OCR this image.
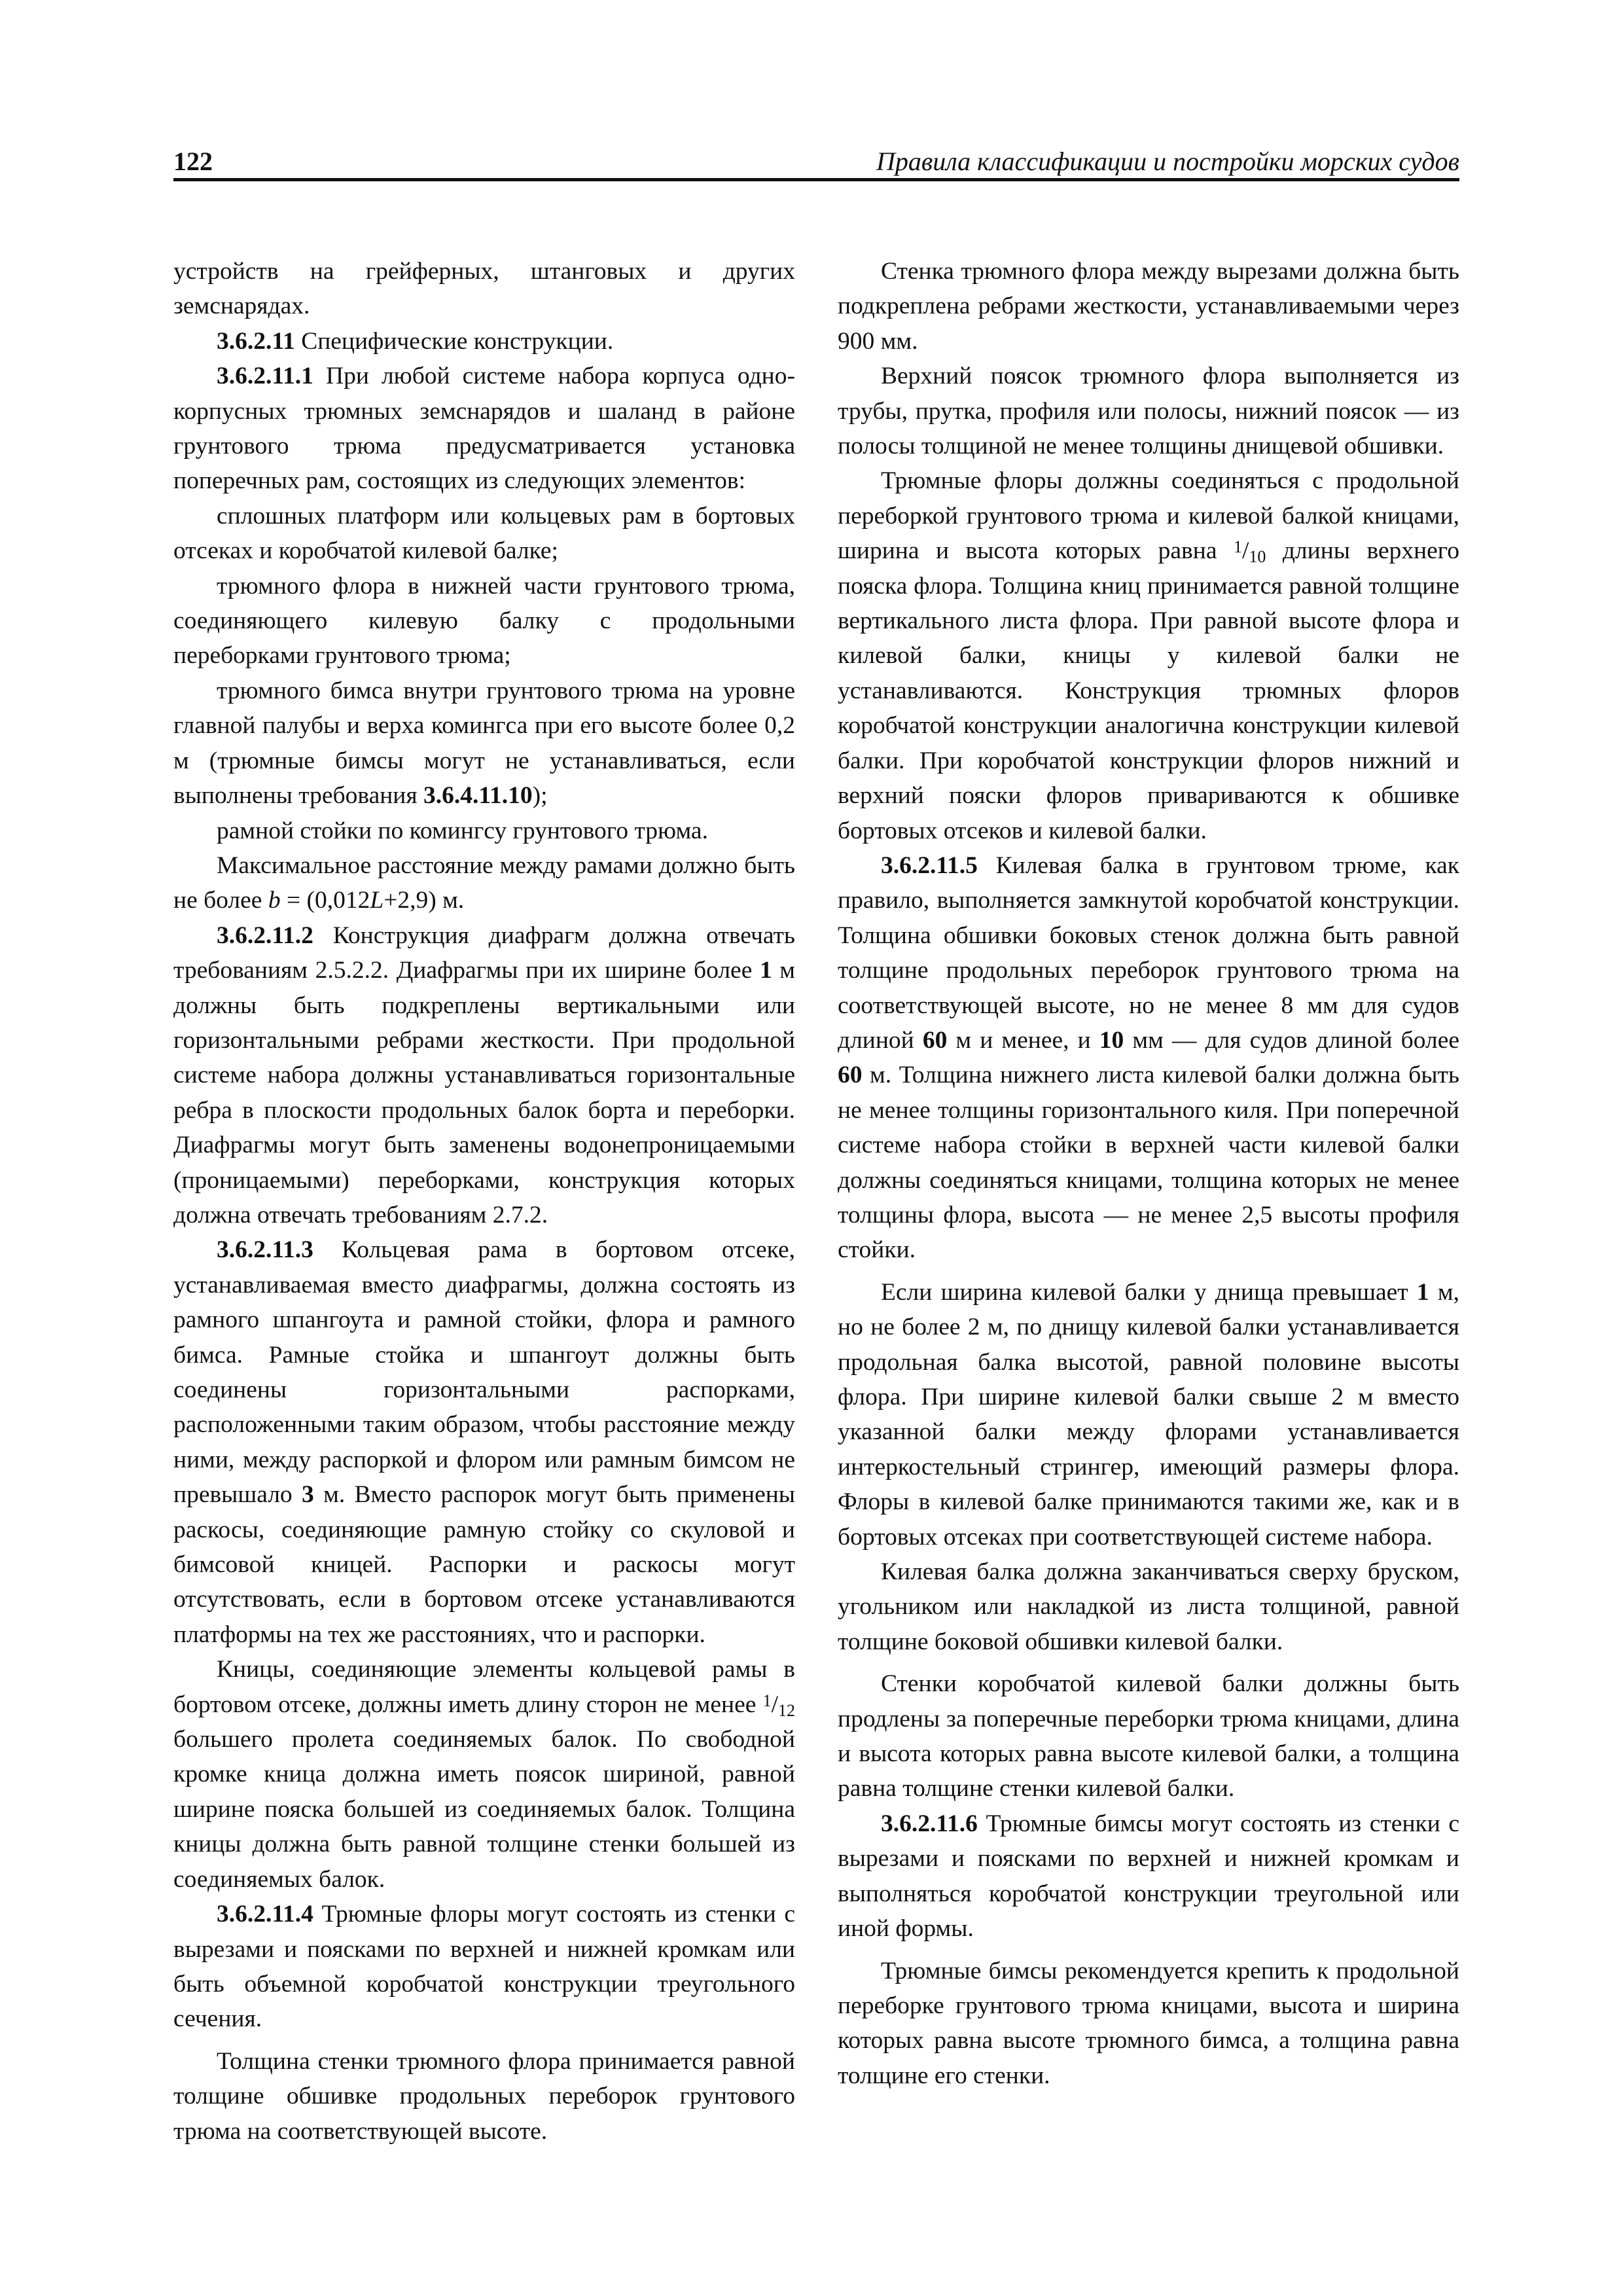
122	Правила классификации и постройки морских судов

устройств на грейферных, штанговых и других земснарядах.

3.6.2.11 Специфические конструкции.

3.6.2.11.1 При любой системе набора корпуса одно-корпусных трюмных земснарядов и шаланд в районе грунтового трюма предусматривается установка поперечных рам, состоящих из следующих элементов:

сплошных платформ или кольцевых рам в бортовых отсеках и коробчатой килевой балке;

трюмного флора в нижней части грунтового трюма, соединяющего килевую балку с продольными переборками грунтового трюма;

трюмного бимса внутри грунтового трюма на уровне главной палубы и верха комингса при его высоте более 0,2 м (трюмные бимсы могут не устанавливаться, если выполнены требования 3.6.4.11.10);

рамной стойки по комингсу грунтового трюма.

Максимальное расстояние между рамами должно быть не более b = (0,012L+2,9) м.

3.6.2.11.2 Конструкция диафрагм должна отвечать требованиям 2.5.2.2. Диафрагмы при их ширине более 1 м должны быть подкреплены вертикальными или горизонтальными ребрами жесткости. При продольной системе набора должны устанавливаться горизонтальные ребра в плоскости продольных балок борта и переборки. Диафрагмы могут быть заменены водонепроницаемыми (проницаемыми) переборками, конструкция которых должна отвечать требованиям 2.7.2.

3.6.2.11.3 Кольцевая рама в бортовом отсеке, устанавливаемая вместо диафрагмы, должна состоять из рамного шпангоута и рамной стойки, флора и рамного бимса. Рамные стойка и шпангоут должны быть соединены горизонтальными распорками, расположенными таким образом, чтобы расстояние между ними, между распоркой и флором или рамным бимсом не превышало 3 м. Вместо распорок могут быть применены раскосы, соединяющие рамную стойку со скуловой и бимсовой кницей. Распорки и раскосы могут отсутствовать, если в бортовом отсеке устанавливаются платформы на тех же расстояниях, что и распорки.

Кницы, соединяющие элементы кольцевой рамы в бортовом отсеке, должны иметь длину сторон не менее $^1$/12 большего пролета соединяемых балок. По свободной кромке кница должна иметь поясок шириной, равной ширине пояска большей из соединяемых балок. Толщина кницы должна быть равной толщине стенки большей из соединяемых балок.

3.6.2.11.4 Трюмные флоры могут состоять из стенки с вырезами и поясками по верхней и нижней кромкам или быть объемной коробчатой конструкции треугольного сечения.

Толщина стенки трюмного флора принимается равной толщине обшивке продольных переборок грунтового трюма на соответствующей высоте.

Стенка трюмного флора между вырезами должна быть подкреплена ребрами жесткости, устанавливаемыми через 900 мм.

Верхний поясок трюмного флора выполняется из трубы, прутка, профиля или полосы, нижний поясок — из полосы толщиной не менее толщины днищевой обшивки.

Трюмные флоры должны соединяться с продольной переборкой грунтового трюма и килевой балкой кницами, ширина и высота которых равна $^1$/10 длины верхнего пояска флора. Толщина книц принимается равной толщине вертикального листа флора. При равной высоте флора и килевой балки, кницы у килевой балки не устанавливаются. Конструкция трюмных флоров коробчатой конструкции аналогична конструкции килевой балки. При коробчатой конструкции флоров нижний и верхний пояски флоров привариваются к обшивке бортовых отсеков и килевой балки.

3.6.2.11.5 Килевая балка в грунтовом трюме, как правило, выполняется замкнутой коробчатой конструкции. Толщина обшивки боковых стенок должна быть равной толщине продольных переборок грунтового трюма на соответствующей высоте, но не менее 8 мм для судов длиной 60 м и менее, и 10 мм — для судов длиной более 60 м. Толщина нижнего листа килевой балки должна быть не менее толщины горизонтального киля. При поперечной системе набора стойки в верхней части килевой балки должны соединяться кницами, толщина которых не менее толщины флора, высота — не менее 2,5 высоты профиля стойки.

Если ширина килевой балки у днища превышает 1 м, но не более 2 м, по днищу килевой балки устанавливается продольная балка высотой, равной половине высоты флора. При ширине килевой балки свыше 2 м вместо указанной балки между флорами устанавливается интеркостельный стрингер, имеющий размеры флора. Флоры в килевой балке принимаются такими же, как и в бортовых отсеках при соответствующей системе набора.

Килевая балка должна заканчиваться сверху бруском, угольником или накладкой из листа толщиной, равной толщине боковой обшивки килевой балки.

Стенки коробчатой килевой балки должны быть продлены за поперечные переборки трюма кницами, длина и высота которых равна высоте килевой балки, а толщина равна толщине стенки килевой балки.

3.6.2.11.6 Трюмные бимсы могут состоять из стенки с вырезами и поясками по верхней и нижней кромкам и выполняться коробчатой конструкции треугольной или иной формы.

Трюмные бимсы рекомендуется крепить к продольной переборке грунтового трюма кницами, высота и ширина которых равна высоте трюмного бимса, а толщина равна толщине его стенки.
